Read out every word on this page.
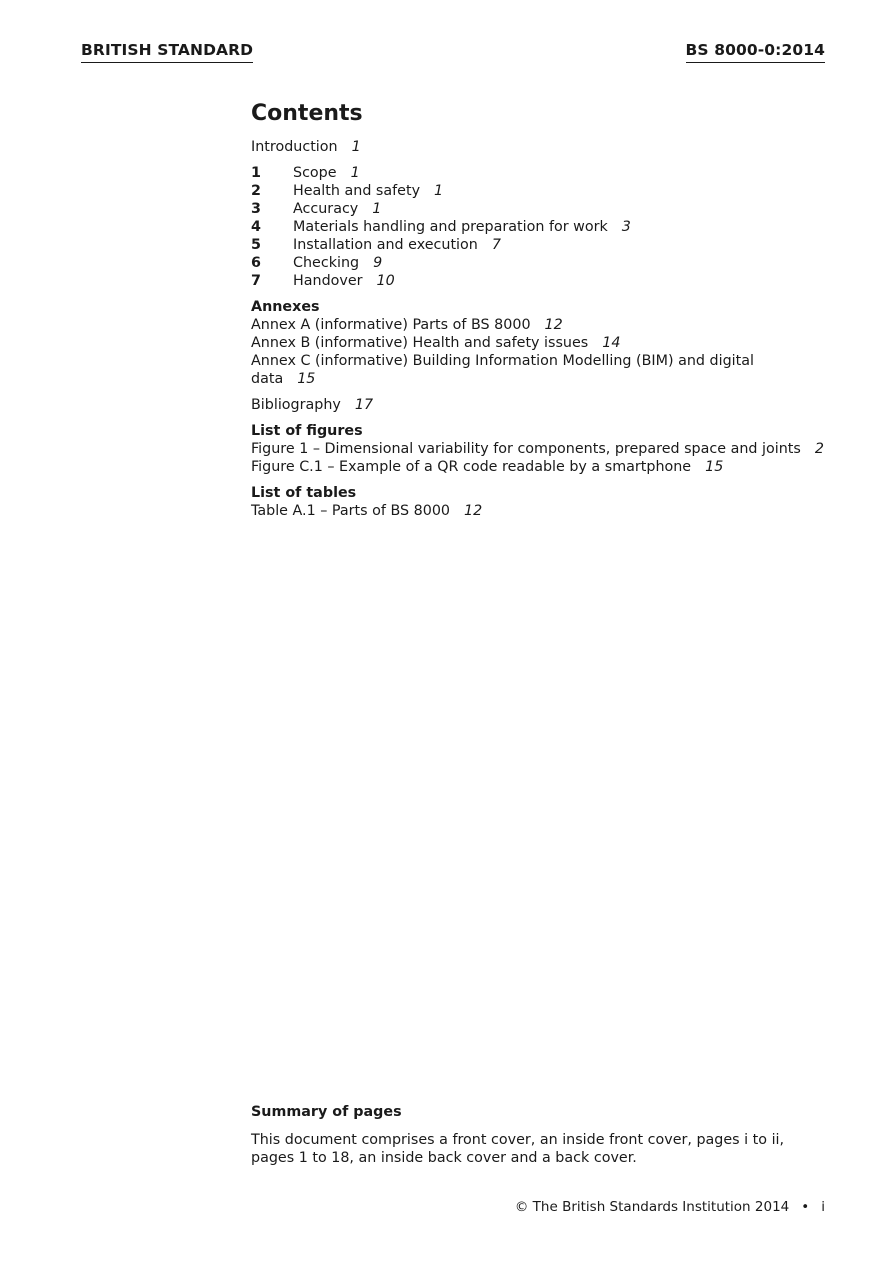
BRITISH STANDARD	BS 8000-0:2014
Contents
Introduction 1
1	Scope 1
2	Health and safety 1
3	Accuracy 1
4	Materials handling and preparation for work 3
5	Installation and execution 7
6	Checking 9
7	Handover 10
Annexes
Annex A (informative) Parts of BS 8000 12
Annex B (informative) Health and safety issues 14
Annex C (informative) Building Information Modelling (BIM) and digital data 15
Bibliography 17
List of figures
Figure 1 – Dimensional variability for components, prepared space and joints 2
Figure C.1 – Example of a QR code readable by a smartphone 15
List of tables
Table A.1 – Parts of BS 8000 12
Summary of pages
This document comprises a front cover, an inside front cover, pages i to ii, pages 1 to 18, an inside back cover and a back cover.
© The British Standards Institution 2014 • i
